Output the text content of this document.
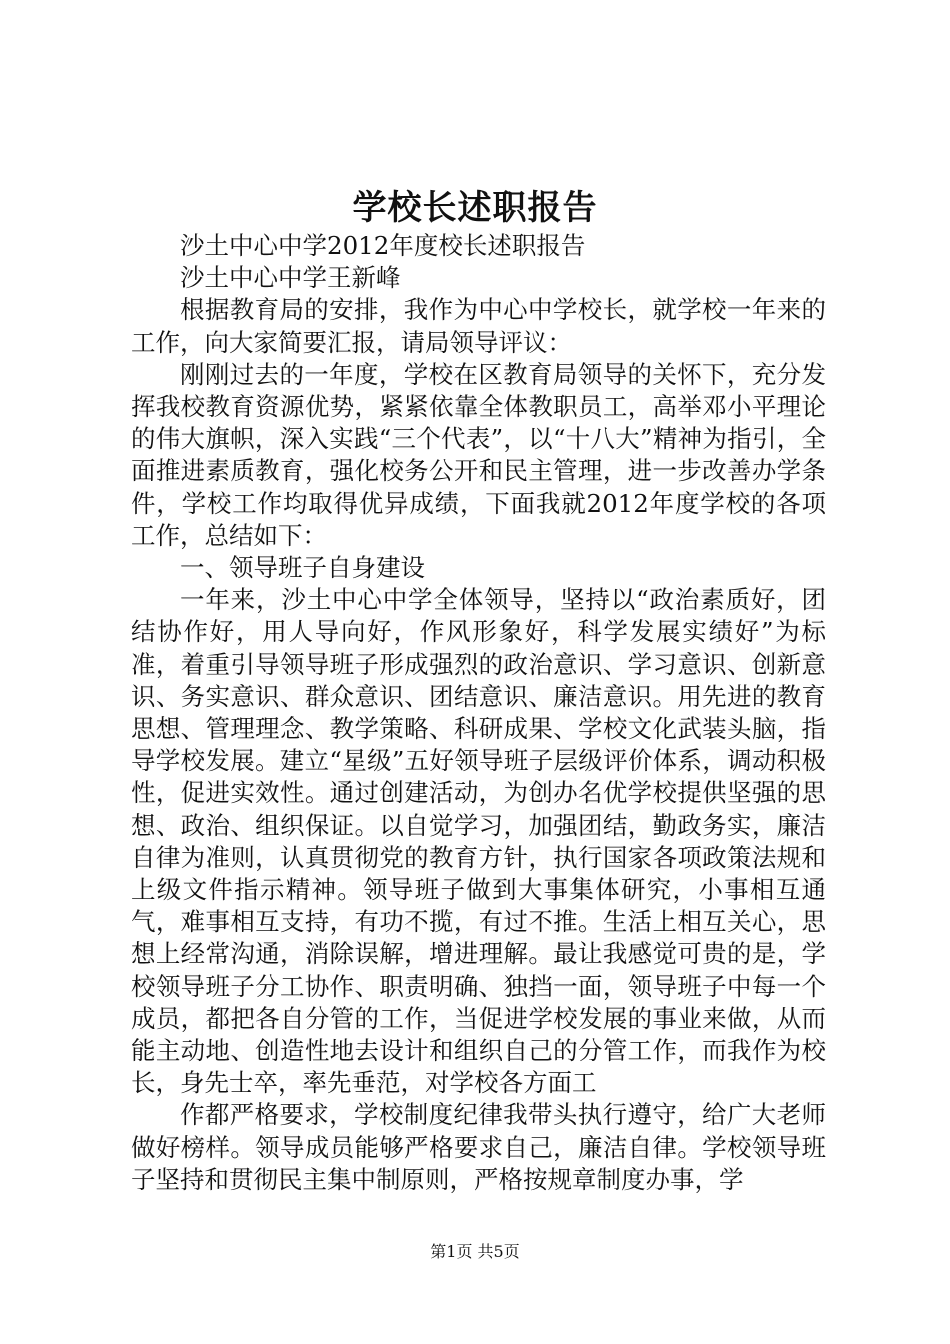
学校长述职报告

沙土中心中学2012年度校长述职报告

沙土中心中学王新峰

根据教育局的安排，我作为中心中学校长，就学校一年来的工作，向大家简要汇报，请局领导评议：

刚刚过去的一年度，学校在区教育局领导的关怀下，充分发挥我校教育资源优势，紧紧依靠全体教职员工，高举邓小平理论的伟大旗帜，深入实践“三个代表”，以“十八大”精神为指引，全面推进素质教育，强化校务公开和民主管理，进一步改善办学条件，学校工作均取得优异成绩，下面我就2012年度学校的各项工作，总结如下：

一、领导班子自身建设

一年来，沙土中心中学全体领导，坚持以“政治素质好，团结协作好，用人导向好，作风形象好，科学发展实绩好”为标准，着重引导领导班子形成强烈的政治意识、学习意识、创新意识、务实意识、群众意识、团结意识、廉洁意识。用先进的教育思想、管理理念、教学策略、科研成果、学校文化武装头脑，指导学校发展。建立“星级”五好领导班子层级评价体系，调动积极性，促进实效性。通过创建活动，为创办名优学校提供坚强的思想、政治、组织保证。以自觉学习，加强团结，勤政务实，廉洁自律为准则，认真贯彻党的教育方针，执行国家各项政策法规和上级文件指示精神。领导班子做到大事集体研究，小事相互通气，难事相互支持，有功不揽，有过不推。生活上相互关心，思想上经常沟通，消除误解，增进理解。最让我感觉可贵的是，学校领导班子分工协作、职责明确、独挡一面，领导班子中每一个成员，都把各自分管的工作，当促进学校发展的事业来做，从而能主动地、创造性地去设计和组织自己的分管工作，而我作为校长，身先士卒，率先垂范，对学校各方面工

作都严格要求，学校制度纪律我带头执行遵守，给广大老师做好榜样。领导成员能够严格要求自己，廉洁自律。学校领导班子坚持和贯彻民主集中制原则，严格按规章制度办事，学

第1页 共5页
